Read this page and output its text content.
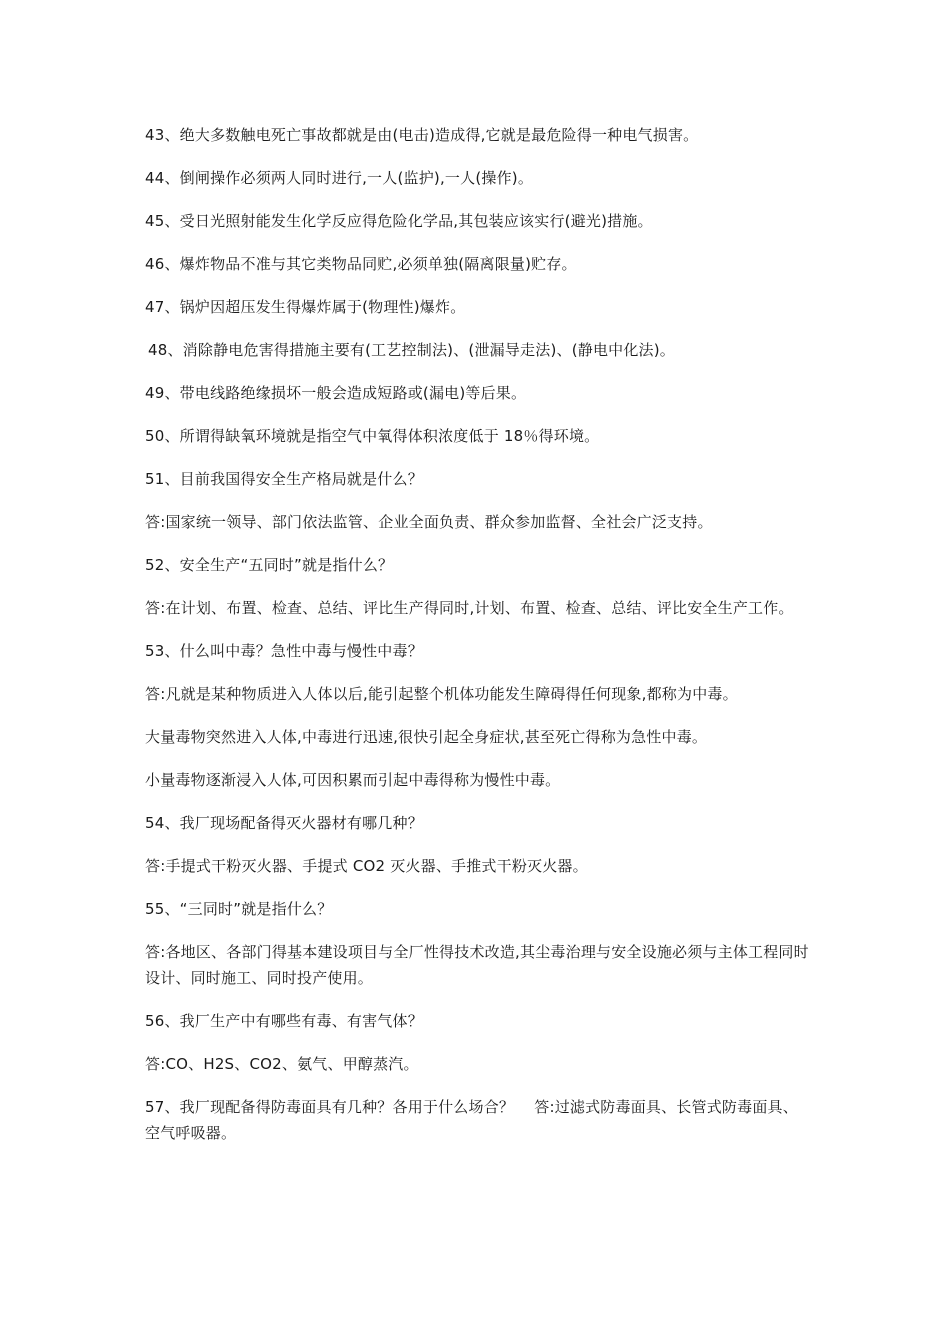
43、绝大多数触电死亡事故都就是由(电击)造成得,它就是最危险得一种电气损害。

44、倒闸操作必须两人同时进行,一人(监护),一人(操作)。

45、受日光照射能发生化学反应得危险化学品,其包装应该实行(避光)措施。

46、爆炸物品不准与其它类物品同贮,必须单独(隔离限量)贮存。

47、锅炉因超压发生得爆炸属于(物理性)爆炸。

48、消除静电危害得措施主要有(工艺控制法)、(泄漏导走法)、(静电中化法)。

49、带电线路绝缘损坏一般会造成短路或(漏电)等后果。

50、所谓得缺氧环境就是指空气中氧得体积浓度低于 18％得环境。

51、目前我国得安全生产格局就是什么？

答:国家统一领导、部门依法监管、企业全面负责、群众参加监督、全社会广泛支持。

52、安全生产“五同时”就是指什么？

答:在计划、布置、检查、总结、评比生产得同时,计划、布置、检查、总结、评比安全生产工作。

53、什么叫中毒？急性中毒与慢性中毒？

答:凡就是某种物质进入人体以后,能引起整个机体功能发生障碍得任何现象,都称为中毒。

大量毒物突然进入人体,中毒进行迅速,很快引起全身症状,甚至死亡得称为急性中毒。

小量毒物逐渐浸入人体,可因积累而引起中毒得称为慢性中毒。

54、我厂现场配备得灭火器材有哪几种？

答:手提式干粉灭火器、手提式 CO2 灭火器、手推式干粉灭火器。

55、“三同时”就是指什么？

答:各地区、各部门得基本建设项目与全厂性得技术改造,其尘毒治理与安全设施必须与主体工程同时设计、同时施工、同时投产使用。

56、我厂生产中有哪些有毒、有害气体？

答:CO、H2S、CO2、氨气、甲醇蒸汽。

57、我厂现配备得防毒面具有几种？各用于什么场合？　 答:过滤式防毒面具、长管式防毒面具、空气呼吸器。
